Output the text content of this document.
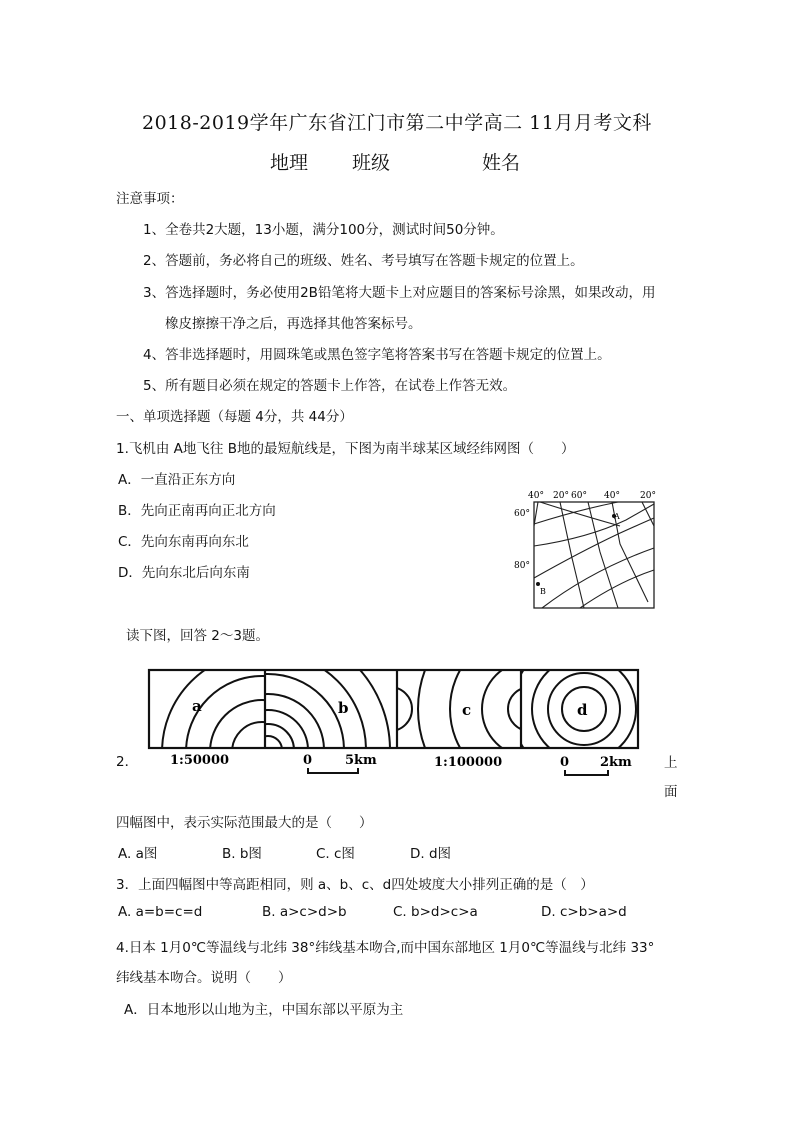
2018-2019学年广东省江门市第二中学高二 11月月考文科
地理 班级	姓名
注意事项：
1、全卷共2大题，13小题，满分100分，测试时间50分钟。
2、答题前，务必将自己的班级、姓名、考号填写在答题卡规定的位置上。
3、答选择题时，务必使用2B铅笔将大题卡上对应题目的答案标号涂黑，如果改动，用
橡皮擦擦干净之后，再选择其他答案标号。
4、答非选择题时，用圆珠笔或黑色签字笔将答案书写在答题卡规定的位置上。
5、所有题目必须在规定的答题卡上作答，在试卷上作答无效。
一、单项选择题（每题 4分，共 44分）
1.飞机由 A地飞往 B地的最短航线是，下图为南半球某区域经纬网图（　　）
A．一直沿正东方向
B．先向正南再向正北方向
C．先向东南再向东北
D．先向东北后向东南
A
B
40° 20° 60° 40° 20°
60°
80°
读下图，回答 2～3题。
a	b	c	d
1:50000	0	5km	1:100000	0 2km
2．	上
面
四幅图中，表示实际范围最大的是（　　）
A. a图	B. b图	C. c图	D. d图
3．上面四幅图中等高距相同，则 a、b、c、d四处坡度大小排列正确的是（　）
A. a=b=c=d	B. a>c>d>b	C. b>d>c>a	D. c>b>a>d
4.日本 1月0℃等温线与北纬 38°纬线基本吻合,而中国东部地区 1月0℃等温线与北纬 33°
纬线基本吻合。说明（　　）
A．日本地形以山地为主，中国东部以平原为主
